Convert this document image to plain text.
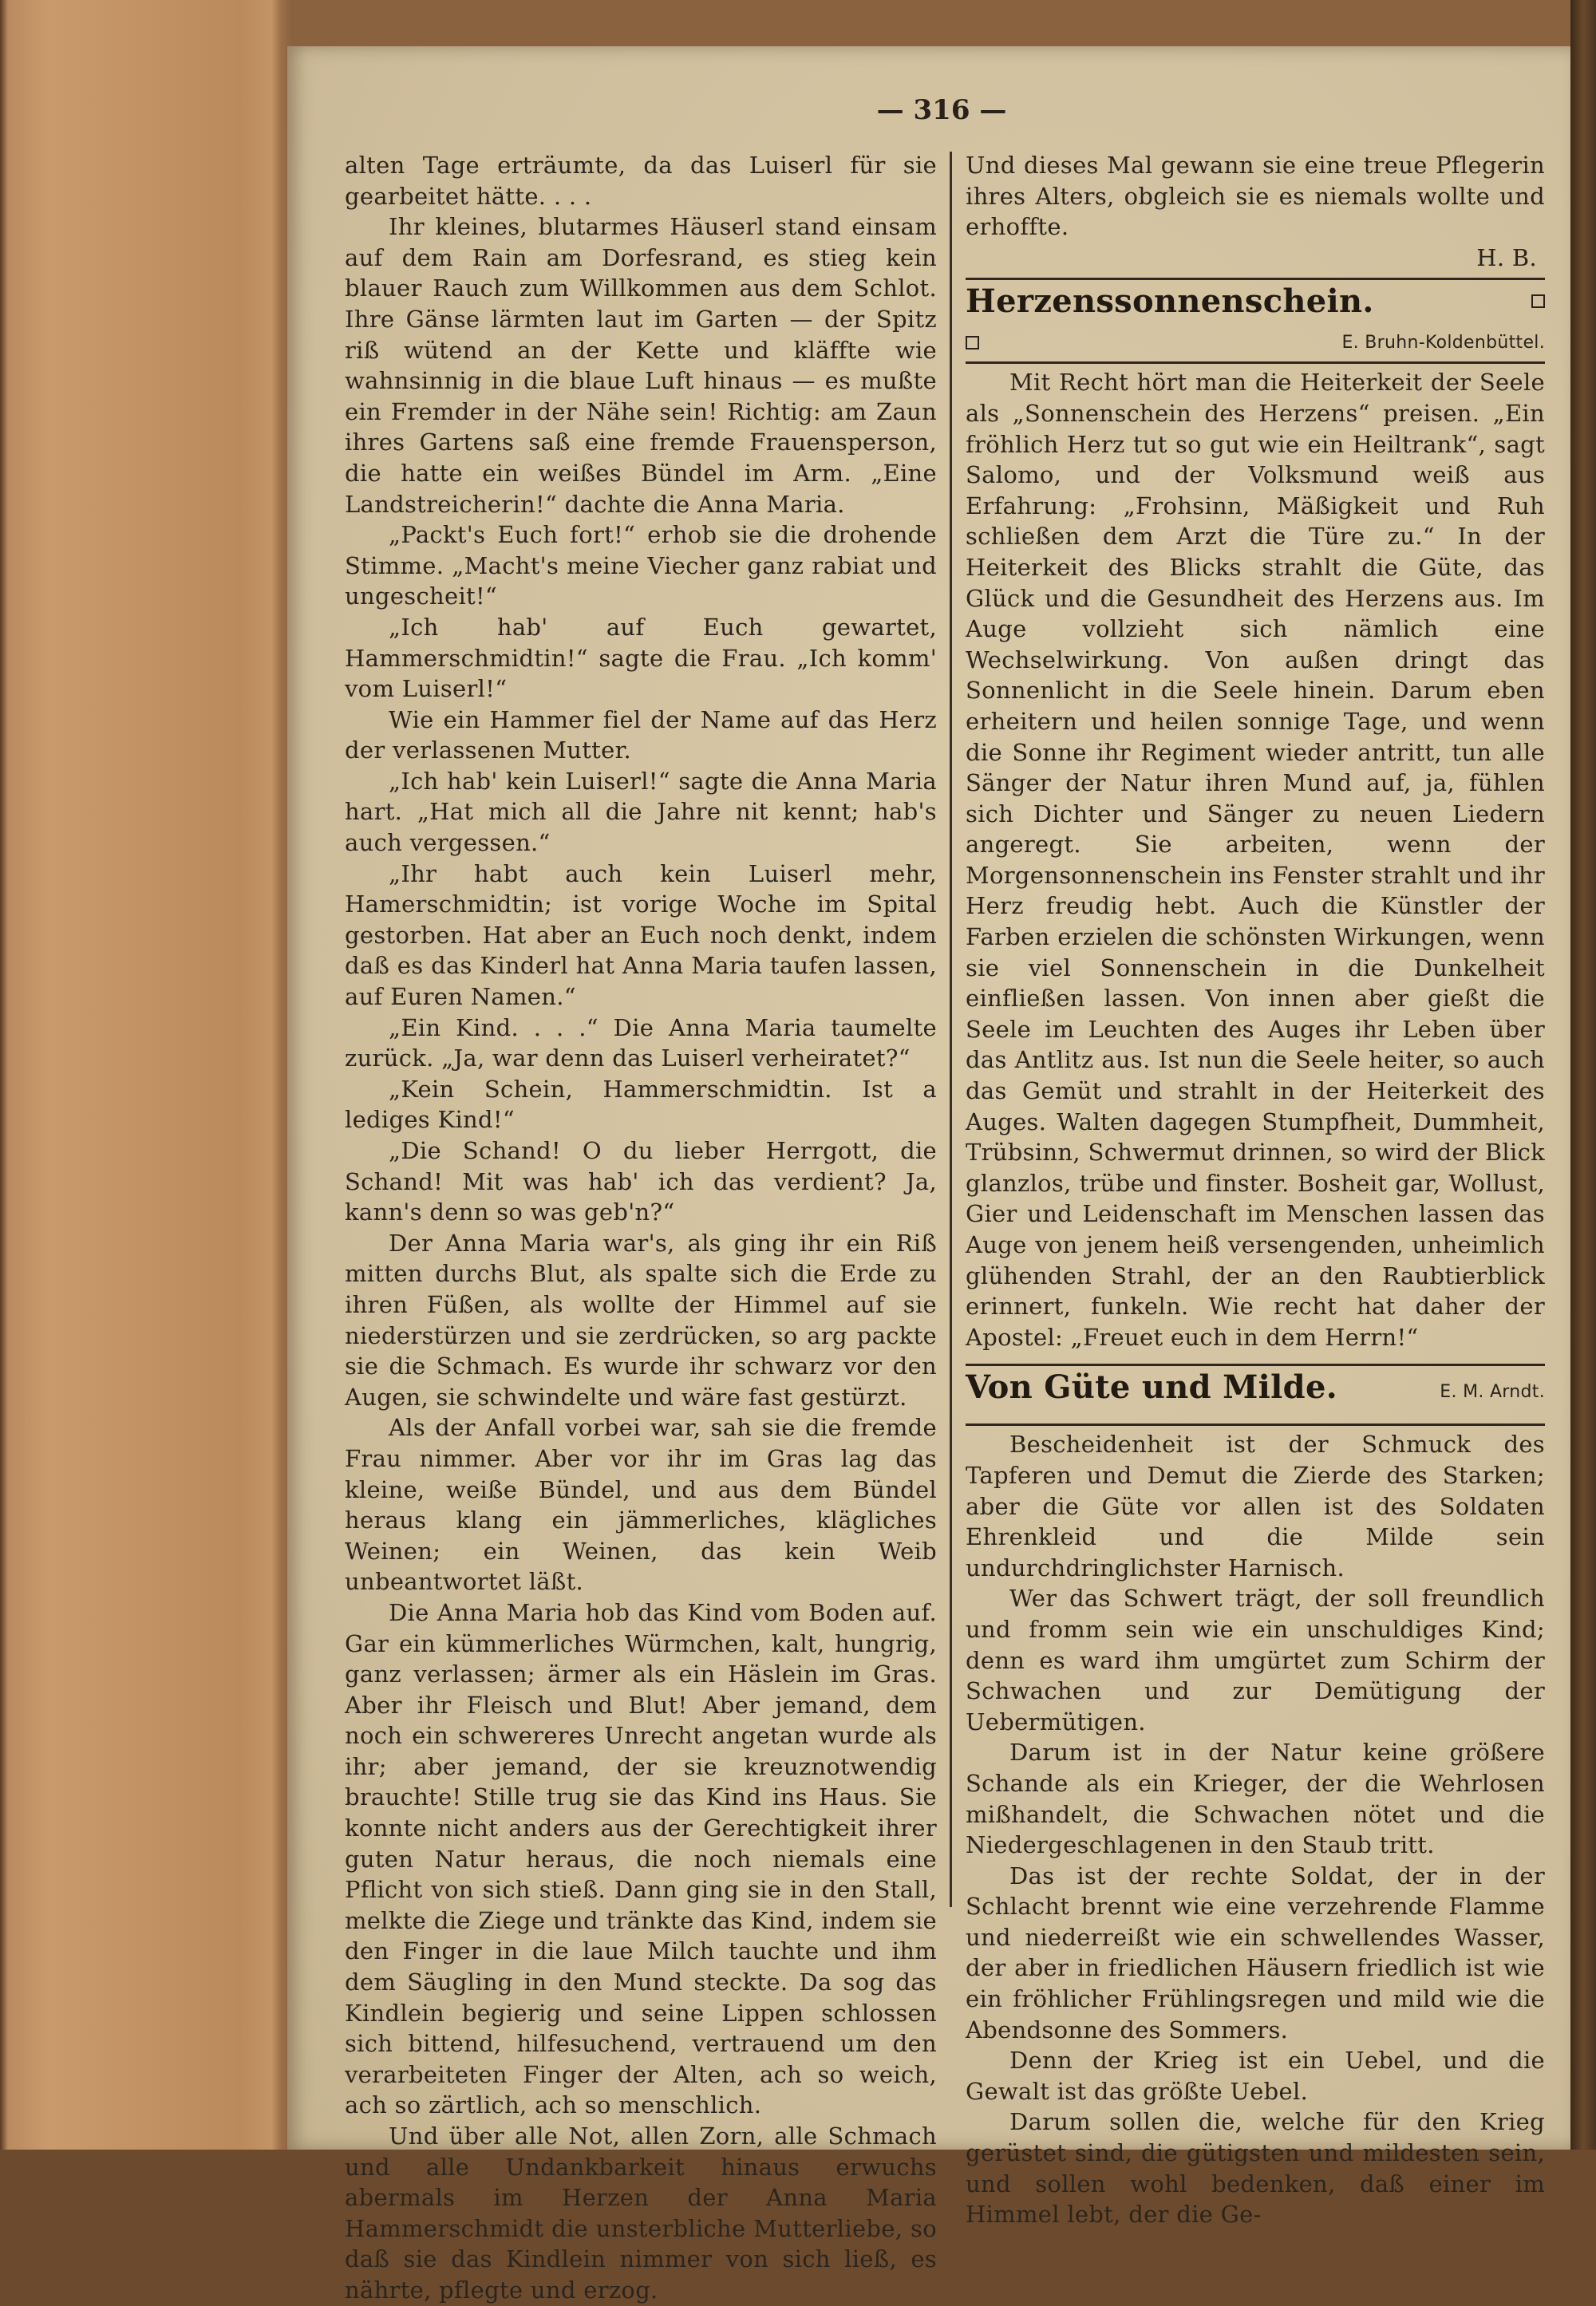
— 316 —

alten Tage erträumte, da das Luiserl für sie gearbeitet hätte. . . .

Ihr kleines, blutarmes Häuserl stand einsam auf dem Rain am Dorfesrand, es stieg kein blauer Rauch zum Willkommen aus dem Schlot. Ihre Gänse lärmten laut im Garten — der Spitz riß wütend an der Kette und kläffte wie wahnsinnig in die blaue Luft hinaus — es mußte ein Fremder in der Nähe sein! Richtig: am Zaun ihres Gartens saß eine fremde Frauensperson, die hatte ein weißes Bündel im Arm. „Eine Landstreicherin!“ dachte die Anna Maria.

„Packt's Euch fort!“ erhob sie die drohende Stimme. „Macht's meine Viecher ganz rabiat und ungescheit!“

„Ich hab' auf Euch gewartet, Hammerschmidtin!“ sagte die Frau. „Ich komm' vom Luiserl!“

Wie ein Hammer fiel der Name auf das Herz der verlassenen Mutter.

„Ich hab' kein Luiserl!“ sagte die Anna Maria hart. „Hat mich all die Jahre nit kennt; hab's auch vergessen.“

„Ihr habt auch kein Luiserl mehr, Hamerschmidtin; ist vorige Woche im Spital gestorben. Hat aber an Euch noch denkt, indem daß es das Kinderl hat Anna Maria taufen lassen, auf Euren Namen.“

„Ein Kind. . . .“ Die Anna Maria taumelte zurück. „Ja, war denn das Luiserl verheiratet?“

„Kein Schein, Hammerschmidtin. Ist a lediges Kind!“

„Die Schand! O du lieber Herrgott, die Schand! Mit was hab' ich das verdient? Ja, kann's denn so was geb'n?“

Der Anna Maria war's, als ging ihr ein Riß mitten durchs Blut, als spalte sich die Erde zu ihren Füßen, als wollte der Himmel auf sie niederstürzen und sie zerdrücken, so arg packte sie die Schmach. Es wurde ihr schwarz vor den Augen, sie schwindelte und wäre fast gestürzt.

Als der Anfall vorbei war, sah sie die fremde Frau nimmer. Aber vor ihr im Gras lag das kleine, weiße Bündel, und aus dem Bündel heraus klang ein jämmerliches, klägliches Weinen; ein Weinen, das kein Weib unbeantwortet läßt.

Die Anna Maria hob das Kind vom Boden auf. Gar ein kümmerliches Würmchen, kalt, hungrig, ganz verlassen; ärmer als ein Häslein im Gras. Aber ihr Fleisch und Blut! Aber jemand, dem noch ein schwereres Unrecht angetan wurde als ihr; aber jemand, der sie kreuznotwendig brauchte! Stille trug sie das Kind ins Haus. Sie konnte nicht anders aus der Gerechtigkeit ihrer guten Natur heraus, die noch niemals eine Pflicht von sich stieß. Dann ging sie in den Stall, melkte die Ziege und tränkte das Kind, indem sie den Finger in die laue Milch tauchte und ihm dem Säugling in den Mund steckte. Da sog das Kindlein begierig und seine Lippen schlossen sich bittend, hilfesuchend, vertrauend um den verarbeiteten Finger der Alten, ach so weich, ach so zärtlich, ach so menschlich.

Und über alle Not, allen Zorn, alle Schmach und alle Undankbarkeit hinaus erwuchs abermals im Herzen der Anna Maria Hammerschmidt die unsterbliche Mutterliebe, so daß sie das Kindlein nimmer von sich ließ, es nährte, pflegte und erzog.

Und dieses Mal gewann sie eine treue Pflegerin ihres Alters, obgleich sie es niemals wollte und erhoffte.

H. B.
Herzenssonnenschein.
E. Bruhn-Koldenbüttel.

Mit Recht hört man die Heiterkeit der Seele als „Sonnenschein des Herzens“ preisen. „Ein fröhlich Herz tut so gut wie ein Heiltrank“, sagt Salomo, und der Volksmund weiß aus Erfahrung: „Frohsinn, Mäßigkeit und Ruh schließen dem Arzt die Türe zu.“ In der Heiterkeit des Blicks strahlt die Güte, das Glück und die Gesundheit des Herzens aus. Im Auge vollzieht sich nämlich eine Wechselwirkung. Von außen dringt das Sonnenlicht in die Seele hinein. Darum eben erheitern und heilen sonnige Tage, und wenn die Sonne ihr Regiment wieder antritt, tun alle Sänger der Natur ihren Mund auf, ja, fühlen sich Dichter und Sänger zu neuen Liedern angeregt. Sie arbeiten, wenn der Morgensonnenschein ins Fenster strahlt und ihr Herz freudig hebt. Auch die Künstler der Farben erzielen die schönsten Wirkungen, wenn sie viel Sonnenschein in die Dunkelheit einfließen lassen. Von innen aber gießt die Seele im Leuchten des Auges ihr Leben über das Antlitz aus. Ist nun die Seele heiter, so auch das Gemüt und strahlt in der Heiterkeit des Auges. Walten dagegen Stumpfheit, Dummheit, Trübsinn, Schwermut drinnen, so wird der Blick glanzlos, trübe und finster. Bosheit gar, Wollust, Gier und Leidenschaft im Menschen lassen das Auge von jenem heiß versengenden, unheimlich glühenden Strahl, der an den Raubtierblick erinnert, funkeln. Wie recht hat daher der Apostel: „Freuet euch in dem Herrn!“

Von Güte und Milde.	E. M. Arndt.

Bescheidenheit ist der Schmuck des Tapferen und Demut die Zierde des Starken; aber die Güte vor allen ist des Soldaten Ehrenkleid und die Milde sein undurchdringlichster Harnisch.

Wer das Schwert trägt, der soll freundlich und fromm sein wie ein unschuldiges Kind; denn es ward ihm umgürtet zum Schirm der Schwachen und zur Demütigung der Uebermütigen.

Darum ist in der Natur keine größere Schande als ein Krieger, der die Wehrlosen mißhandelt, die Schwachen nötet und die Niedergeschlagenen in den Staub tritt.

Das ist der rechte Soldat, der in der Schlacht brennt wie eine verzehrende Flamme und niederreißt wie ein schwellendes Wasser, der aber in friedlichen Häusern friedlich ist wie ein fröhlicher Frühlingsregen und mild wie die Abendsonne des Sommers.

Denn der Krieg ist ein Uebel, und die Gewalt ist das größte Uebel.

Darum sollen die, welche für den Krieg gerüstet sind, die gütigsten und mildesten sein, und sollen wohl bedenken, daß einer im Himmel lebt, der die Ge-
